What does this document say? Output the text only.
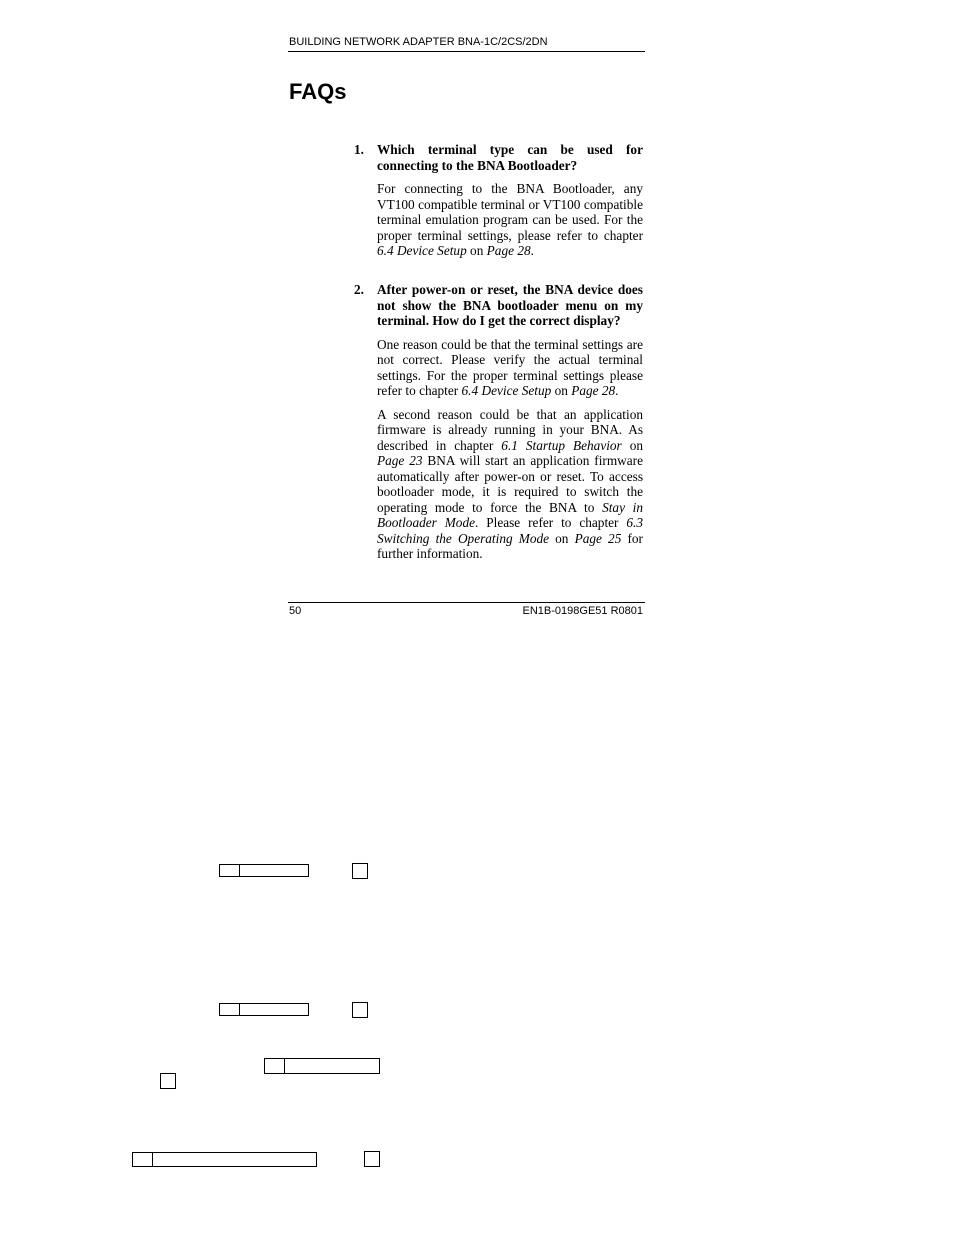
BUILDING NETWORK ADAPTER BNA-1C/2CS/2DN
FAQs
1. Which terminal type can be used for connecting to the BNA Bootloader?

For connecting to the BNA Bootloader, any VT100 compatible terminal or VT100 compatible terminal emulation program can be used. For the proper terminal settings, please refer to chapter 6.4 Device Setup on Page 28.

2. After power-on or reset, the BNA device does not show the BNA bootloader menu on my terminal. How do I get the correct display?

One reason could be that the terminal settings are not correct. Please verify the actual terminal settings. For the proper terminal settings please refer to chapter 6.4 Device Setup on Page 28.

A second reason could be that an application firmware is already running in your BNA. As described in chapter 6.1 Startup Behavior on Page 23 BNA will start an application firmware automatically after power-on or reset. To access bootloader mode, it is required to switch the operating mode to force the BNA to Stay in Bootloader Mode. Please refer to chapter 6.3 Switching the Operating Mode on Page 25 for further information.

50	EN1B-0198GE51 R0801
